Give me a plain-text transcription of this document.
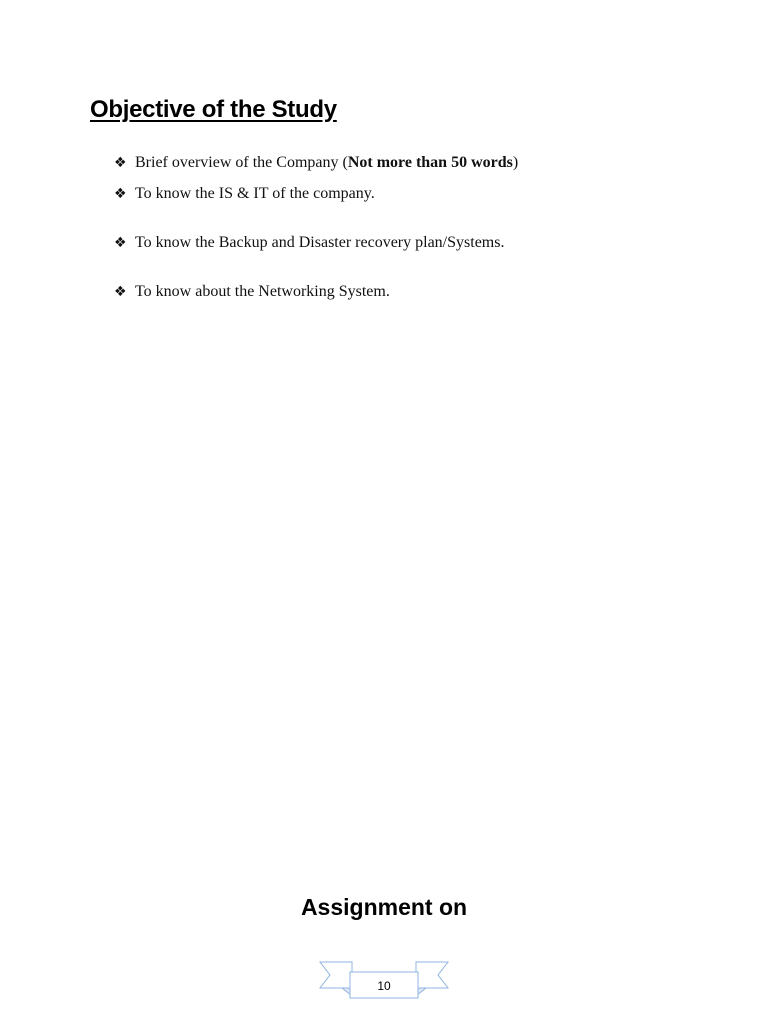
Objective of the Study
❖ Brief overview of the Company (Not more than 50 words)
❖ To know the IS & IT of the company.
❖ To know the Backup and Disaster recovery plan/Systems.
❖ To know about the Networking System.
Assignment on
10
